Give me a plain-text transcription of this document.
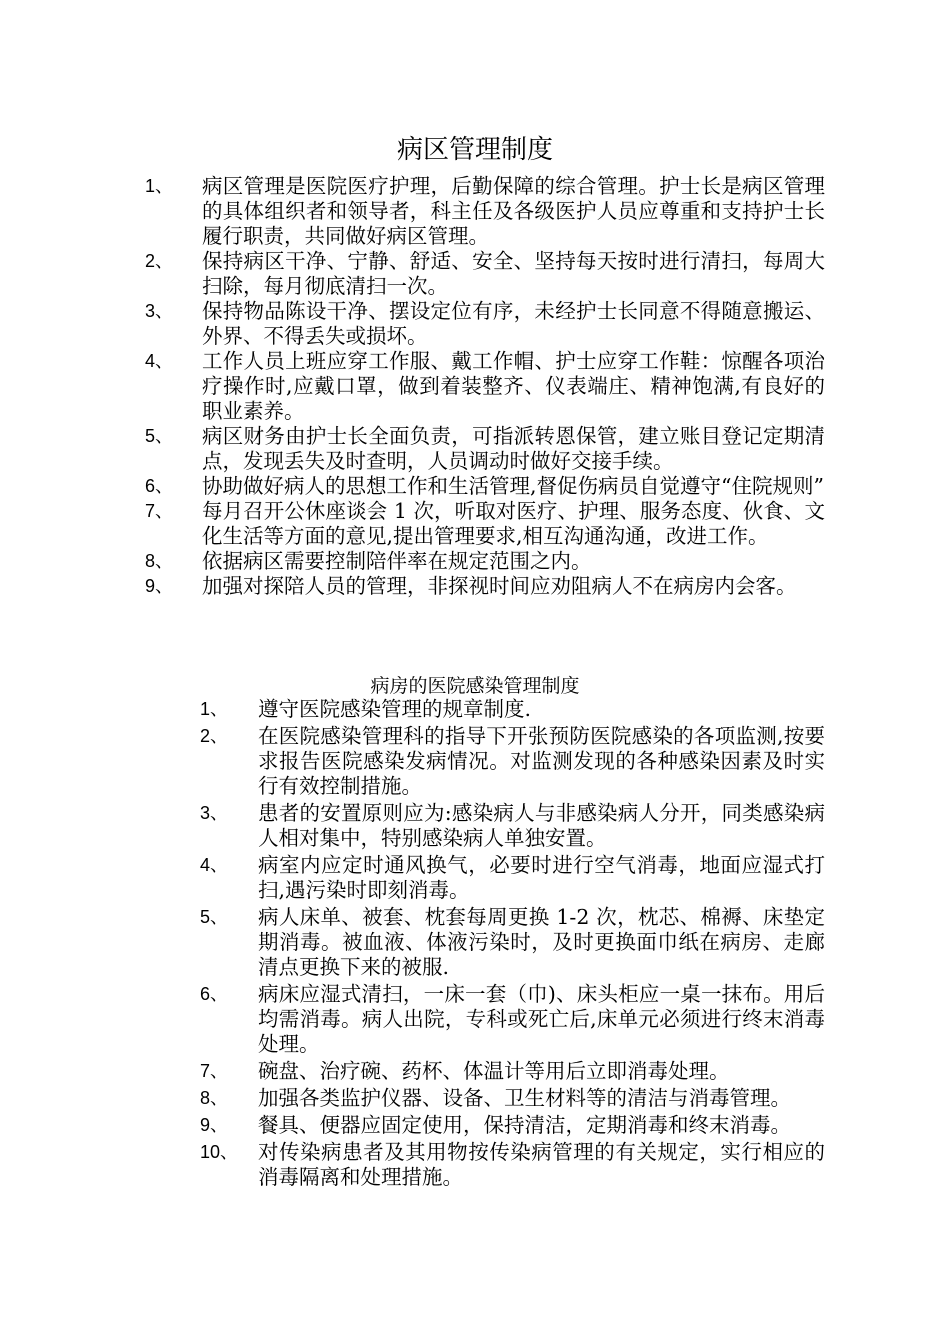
病区管理制度
1、	病区管理是医院医疗护理，后勤保障的综合管理。护士长是病区管理的具体组织者和领导者，科主任及各级医护人员应尊重和支持护士长履行职责，共同做好病区管理。
2、	保持病区干净、宁静、舒适、安全、坚持每天按时进行清扫，每周大扫除，每月彻底清扫一次。
3、	保持物品陈设干净、摆设定位有序，未经护士长同意不得随意搬运、外界、不得丢失或损坏。
4、	工作人员上班应穿工作服、戴工作帽、护士应穿工作鞋：惊醒各项治疗操作时,应戴口罩，做到着装整齐、仪表端庄、精神饱满,有良好的职业素养。
5、	病区财务由护士长全面负责，可指派转恩保管，建立账目登记定期清点，发现丢失及时查明，人员调动时做好交接手续。
6、	协助做好病人的思想工作和生活管理,督促伤病员自觉遵守“住院规则”
7、	每月召开公休座谈会 1 次，听取对医疗、护理、服务态度、伙食、文化生活等方面的意见,提出管理要求,相互沟通沟通，改进工作。
8、	依据病区需要控制陪伴率在规定范围之内。
9、	加强对探陪人员的管理，非探视时间应劝阻病人不在病房内会客。
病房的医院感染管理制度
1、	遵守医院感染管理的规章制度.
2、	在医院感染管理科的指导下开张预防医院感染的各项监测,按要求报告医院感染发病情况。对监测发现的各种感染因素及时实行有效控制措施。
3、	患者的安置原则应为:感染病人与非感染病人分开，同类感染病人相对集中，特别感染病人单独安置。
4、	病室内应定时通风换气，必要时进行空气消毒，地面应湿式打扫,遇污染时即刻消毒。
5、	病人床单、被套、枕套每周更换 1-2 次，枕芯、棉褥、床垫定期消毒。被血液、体液污染时，及时更换面巾纸在病房、走廊清点更换下来的被服.
6、	病床应湿式清扫，一床一套（巾)、床头柜应一桌一抹布。用后均需消毒。病人出院，专科或死亡后,床单元必须进行终末消毒处理。
7、	碗盘、治疗碗、药杯、体温计等用后立即消毒处理。
8、	加强各类监护仪器、设备、卫生材料等的清洁与消毒管理。
9、	餐具、便器应固定使用，保持清洁，定期消毒和终末消毒。
10、 对传染病患者及其用物按传染病管理的有关规定，实行相应的消毒隔离和处理措施。
